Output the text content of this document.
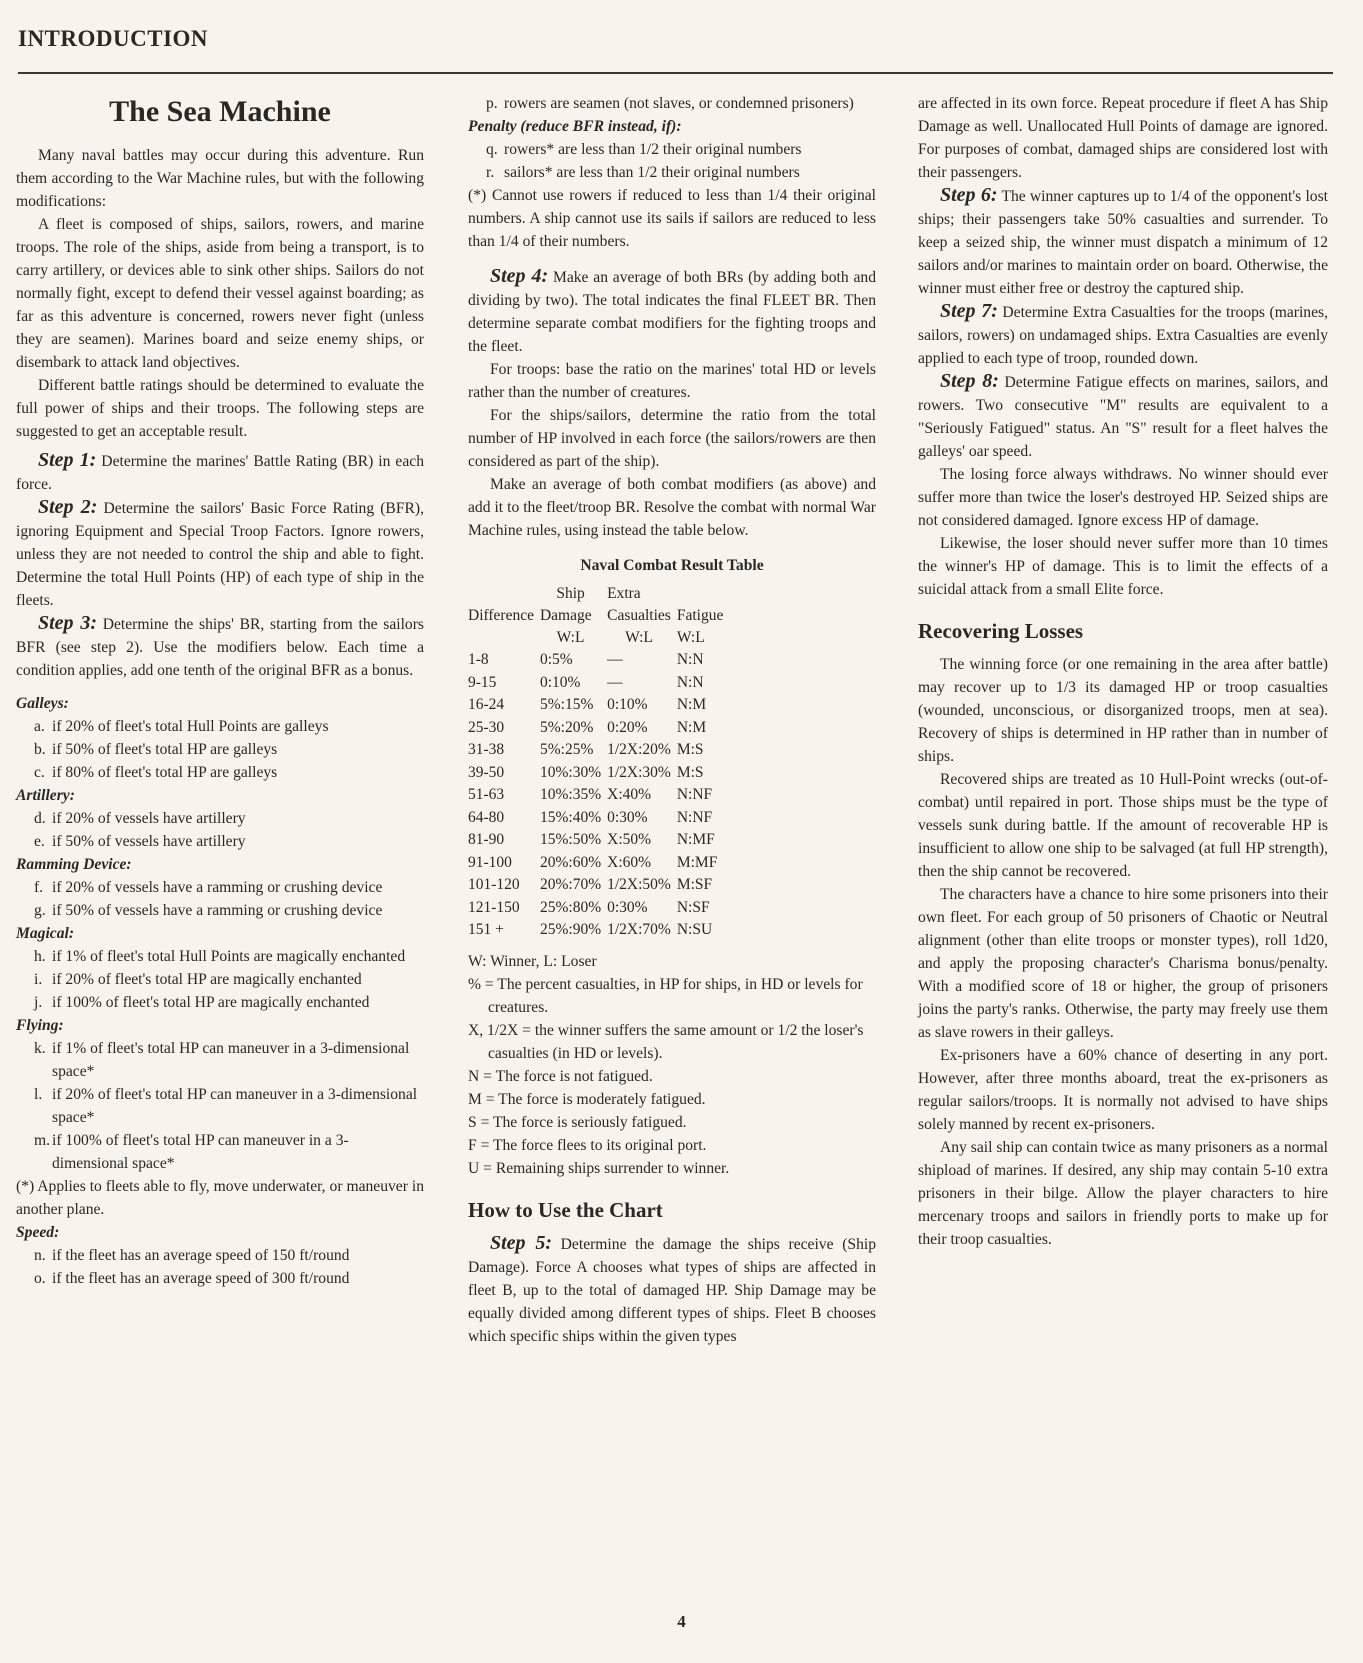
INTRODUCTION
The Sea Machine

Many naval battles may occur during this adventure. Run them according to the War Machine rules, but with the following modifications:

A fleet is composed of ships, sailors, rowers, and marine troops. The role of the ships, aside from being a transport, is to carry artillery, or devices able to sink other ships. Sailors do not normally fight, except to defend their vessel against boarding; as far as this adventure is concerned, rowers never fight (unless they are seamen). Marines board and seize enemy ships, or disembark to attack land objectives.

Different battle ratings should be determined to evaluate the full power of ships and their troops. The following steps are suggested to get an acceptable result.

Step 1: Determine the marines' Battle Rating (BR) in each force.

Step 2: Determine the sailors' Basic Force Rating (BFR), ignoring Equipment and Special Troop Factors. Ignore rowers, unless they are not needed to control the ship and able to fight. Determine the total Hull Points (HP) of each type of ship in the fleets.

Step 3: Determine the ships' BR, starting from the sailors BFR (see step 2). Use the modifiers below. Each time a condition applies, add one tenth of the original BFR as a bonus.

Galleys:
a. if 20% of fleet's total Hull Points are galleys
b. if 50% of fleet's total HP are galleys
c. if 80% of fleet's total HP are galleys
Artillery:
d. if 20% of vessels have artillery
e. if 50% of vessels have artillery
Ramming Device:
f. if 20% of vessels have a ramming or crushing device
g. if 50% of vessels have a ramming or crushing device
Magical:
h. if 1% of fleet's total Hull Points are magically enchanted
i. if 20% of fleet's total HP are magically enchanted
j. if 100% of fleet's total HP are magically enchanted
Flying:
k. if 1% of fleet's total HP can maneuver in a 3-dimensional space*
l. if 20% of fleet's total HP can maneuver in a 3-dimensional space*
m. if 100% of fleet's total HP can maneuver in a 3-dimensional space*

(*) Applies to fleets able to fly, move underwater, or maneuver in another plane.

Speed:
n. if the fleet has an average speed of 150 ft/round
o. if the fleet has an average speed of 300 ft/round
p. rowers are seamen (not slaves, or condemned prisoners)
Penalty (reduce BFR instead, if):
q. rowers* are less than 1/2 their original numbers
r. sailors* are less than 1/2 their original numbers

(*) Cannot use rowers if reduced to less than 1/4 their original numbers. A ship cannot use its sails if sailors are reduced to less than 1/4 of their numbers.

Step 4: Make an average of both BRs (by adding both and dividing by two). The total indicates the final FLEET BR. Then determine separate combat modifiers for the fighting troops and the fleet.

For troops: base the ratio on the marines' total HD or levels rather than the number of creatures.

For the ships/sailors, determine the ratio from the total number of HP involved in each force (the sailors/rowers are then considered as part of the ship).

Make an average of both combat modifiers (as above) and add it to the fleet/troop BR. Resolve the combat with normal War Machine rules, using instead the table below.

Naval Combat Result Table
	Ship	Extra	
Difference	Damage	Casualties	Fatigue
	W:L	W:L	W:L
1-8	0:5%	—	N:N
9-15	0:10%	—	N:N
16-24	5%:15%	0:10%	N:M
25-30	5%:20%	0:20%	N:M
31-38	5%:25%	1/2X:20%	M:S
39-50	10%:30%	1/2X:30%	M:S
51-63	10%:35%	X:40%	N:NF
64-80	15%:40%	0:30%	N:NF
81-90	15%:50%	X:50%	N:MF
91-100	20%:60%	X:60%	M:MF
101-120	20%:70%	1/2X:50%	M:SF
121-150	25%:80%	0:30%	N:SF
151 +	25%:90%	1/2X:70%	N:SU
W: Winner, L: Loser
% = The percent casualties, in HP for ships, in HD or levels for creatures.
X, 1/2X = the winner suffers the same amount or 1/2 the loser's casualties (in HD or levels).
N = The force is not fatigued.
M = The force is moderately fatigued.
S = The force is seriously fatigued.
F = The force flees to its original port.
U = Remaining ships surrender to winner.
How to Use the Chart

Step 5: Determine the damage the ships receive (Ship Damage). Force A chooses what types of ships are affected in fleet B, up to the total of damaged HP. Ship Damage may be equally divided among different types of ships. Fleet B chooses which specific ships within the given types

are affected in its own force. Repeat procedure if fleet A has Ship Damage as well. Unallocated Hull Points of damage are ignored. For purposes of combat, damaged ships are considered lost with their passengers.

Step 6: The winner captures up to 1/4 of the opponent's lost ships; their passengers take 50% casualties and surrender. To keep a seized ship, the winner must dispatch a minimum of 12 sailors and/or marines to maintain order on board. Otherwise, the winner must either free or destroy the captured ship.

Step 7: Determine Extra Casualties for the troops (marines, sailors, rowers) on undamaged ships. Extra Casualties are evenly applied to each type of troop, rounded down.

Step 8: Determine Fatigue effects on marines, sailors, and rowers. Two consecutive "M" results are equivalent to a "Seriously Fatigued" status. An "S" result for a fleet halves the galleys' oar speed.

The losing force always withdraws. No winner should ever suffer more than twice the loser's destroyed HP. Seized ships are not considered damaged. Ignore excess HP of damage.

Likewise, the loser should never suffer more than 10 times the winner's HP of damage. This is to limit the effects of a suicidal attack from a small Elite force.

Recovering Losses

The winning force (or one remaining in the area after battle) may recover up to 1/3 its damaged HP or troop casualties (wounded, unconscious, or disorganized troops, men at sea). Recovery of ships is determined in HP rather than in number of ships.

Recovered ships are treated as 10 Hull-Point wrecks (out-of-combat) until repaired in port. Those ships must be the type of vessels sunk during battle. If the amount of recoverable HP is insufficient to allow one ship to be salvaged (at full HP strength), then the ship cannot be recovered.

The characters have a chance to hire some prisoners into their own fleet. For each group of 50 prisoners of Chaotic or Neutral alignment (other than elite troops or monster types), roll 1d20, and apply the proposing character's Charisma bonus/penalty. With a modified score of 18 or higher, the group of prisoners joins the party's ranks. Otherwise, the party may freely use them as slave rowers in their galleys.

Ex-prisoners have a 60% chance of deserting in any port. However, after three months aboard, treat the ex-prisoners as regular sailors/troops. It is normally not advised to have ships solely manned by recent ex-prisoners.

Any sail ship can contain twice as many prisoners as a normal shipload of marines. If desired, any ship may contain 5-10 extra prisoners in their bilge. Allow the player characters to hire mercenary troops and sailors in friendly ports to make up for their troop casualties.

4
